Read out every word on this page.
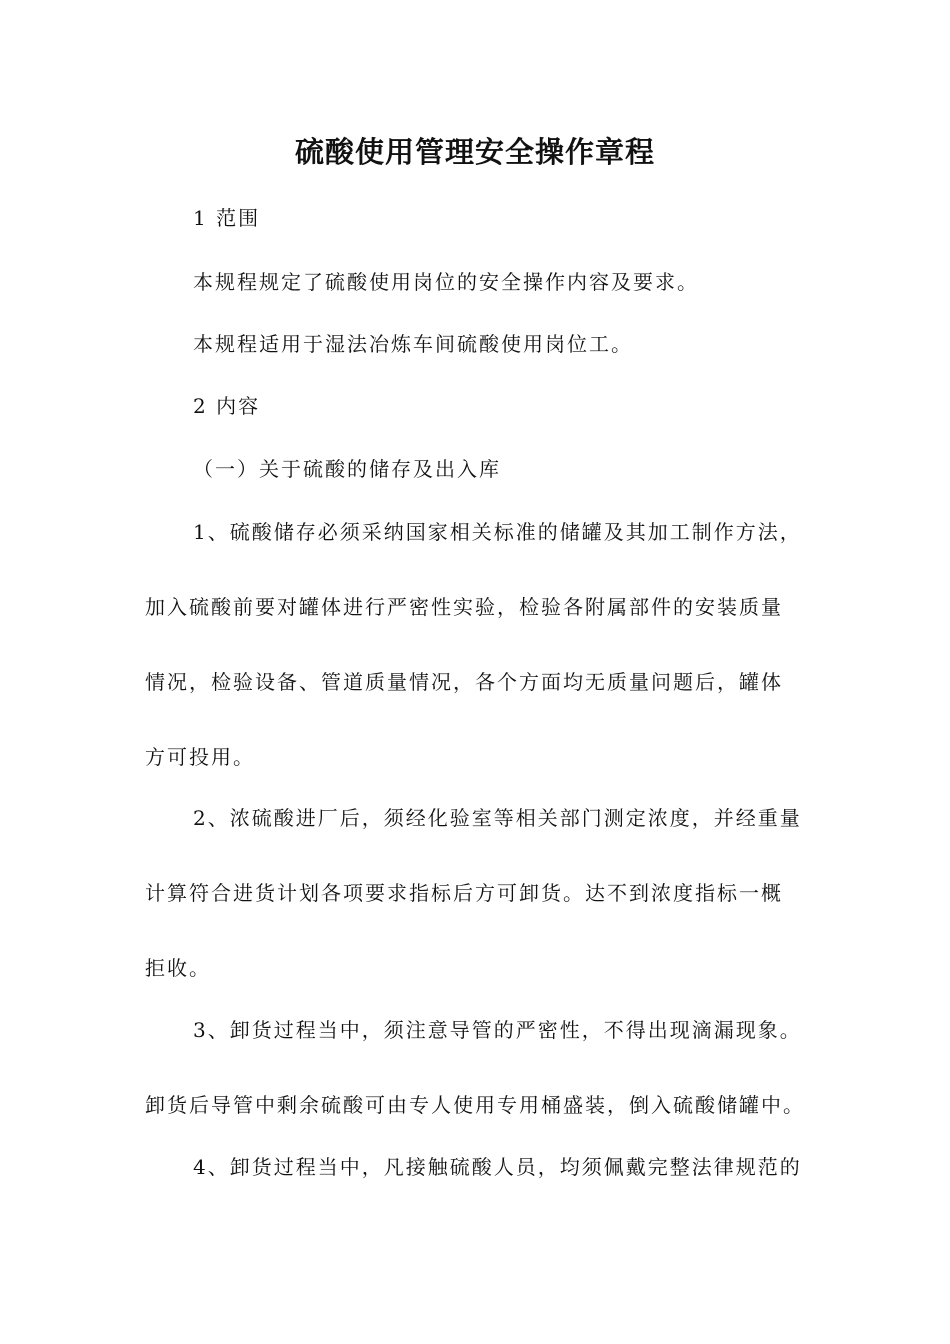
硫酸使用管理安全操作章程

1 范围

本规程规定了硫酸使用岗位的安全操作内容及要求。

本规程适用于湿法冶炼车间硫酸使用岗位工。

2 内容

（一）关于硫酸的储存及出入库

1、硫酸储存必须采纳国家相关标准的储罐及其加工制作方法，

加入硫酸前要对罐体进行严密性实验，检验各附属部件的安装质量

情况，检验设备、管道质量情况，各个方面均无质量问题后，罐体

方可投用。

2、浓硫酸进厂后，须经化验室等相关部门测定浓度，并经重量

计算符合进货计划各项要求指标后方可卸货。达不到浓度指标一概

拒收。

3、卸货过程当中，须注意导管的严密性，不得出现滴漏现象。

卸货后导管中剩余硫酸可由专人使用专用桶盛装，倒入硫酸储罐中。

4、卸货过程当中，凡接触硫酸人员，均须佩戴完整法律规范的
